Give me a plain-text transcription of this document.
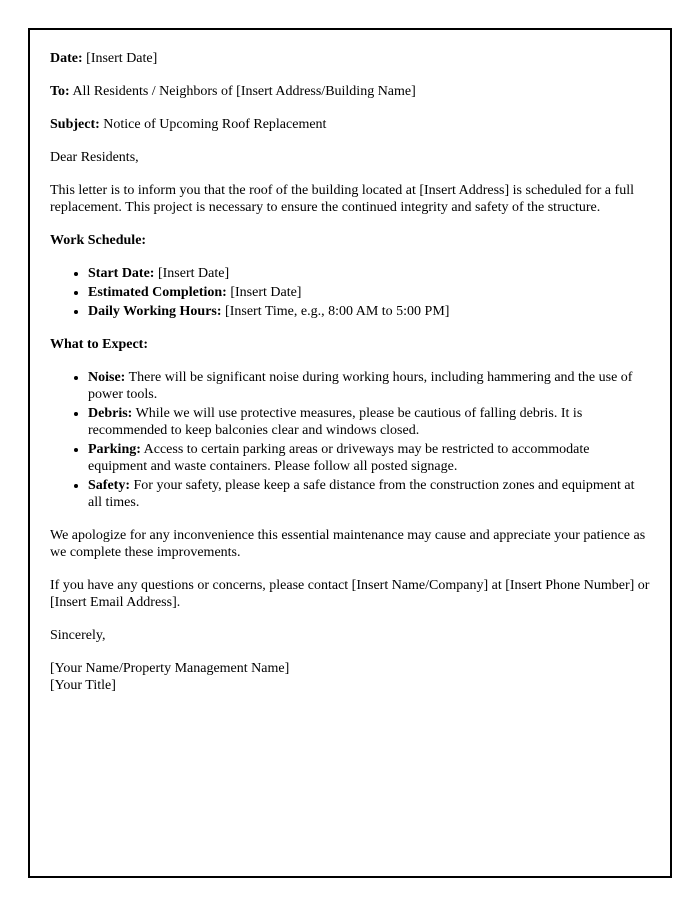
Date: [Insert Date]

To: All Residents / Neighbors of [Insert Address/Building Name]

Subject: Notice of Upcoming Roof Replacement

Dear Residents,

This letter is to inform you that the roof of the building located at [Insert Address] is scheduled for a full replacement. This project is necessary to ensure the continued integrity and safety of the structure.

Work Schedule:

• Start Date: [Insert Date]
• Estimated Completion: [Insert Date]
• Daily Working Hours: [Insert Time, e.g., 8:00 AM to 5:00 PM]

What to Expect:

• Noise: There will be significant noise during working hours, including hammering and the use of power tools.
• Debris: While we will use protective measures, please be cautious of falling debris. It is recommended to keep balconies clear and windows closed.
• Parking: Access to certain parking areas or driveways may be restricted to accommodate equipment and waste containers. Please follow all posted signage.
• Safety: For your safety, please keep a safe distance from the construction zones and equipment at all times.

We apologize for any inconvenience this essential maintenance may cause and appreciate your patience as we complete these improvements.

If you have any questions or concerns, please contact [Insert Name/Company] at [Insert Phone Number] or [Insert Email Address].

Sincerely,

[Your Name/Property Management Name]
[Your Title]
